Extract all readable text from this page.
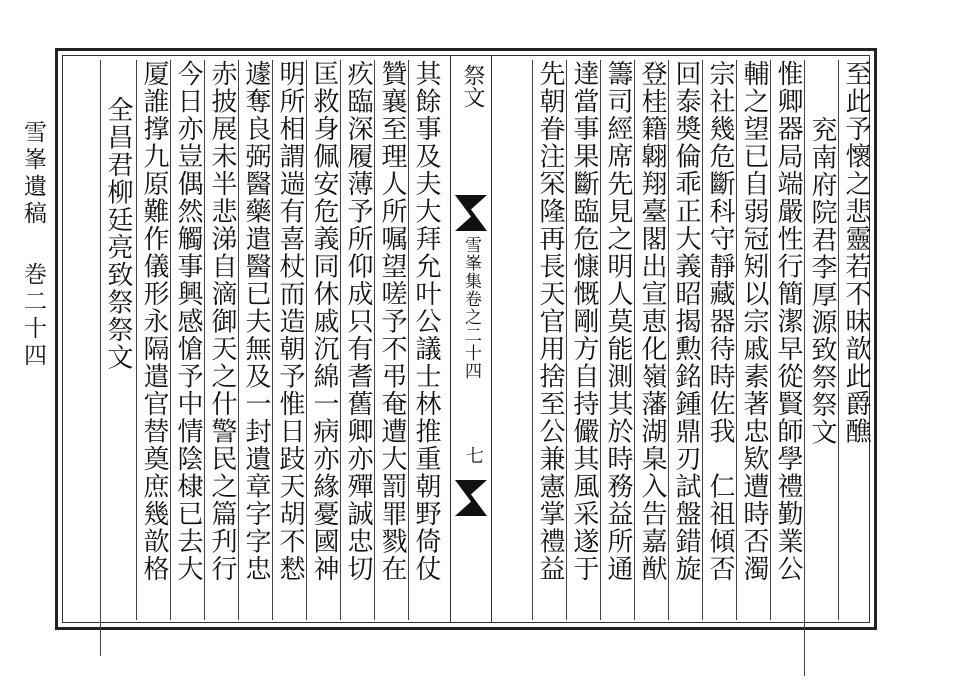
雪峯遺稿
巻二十四
祭文
雪峯集卷之二十四
七
至此予懷之悲靈若不昧歆此爵醮
兖南府院君李厚源致祭祭文
惟卿器局端嚴性行簡潔早從賢師學禮勤業公
輔之望已自弱冠矧以宗戚素著忠欵遭時否濁
宗社幾危斷科守靜藏器待時佐我　仁祖傾否
回泰奬倫乖正大義昭揭勲銘鍾鼎刃試盤錯旋
登桂籍翺翔臺閣出宣恵化嶺藩湖臬入告嘉猷
籌司經席先見之明人莫能測其於時務益所通
達當事果斷臨危慷慨剛方自持儼其風采遂于
先朝眷注罙隆再長天官用捨至公兼憲掌禮益
其餘事及夫大拜允叶公議士林推重朝野倚仗
贊襄至理人所嘱望嗟予不弔奄遭大罰罪戮在
疚臨深履薄予所仰成只有耆舊卿亦殫誠忠切
匡救身佩安危義同休戚沉綿一病亦緣憂國神
明所相謂遄有喜杖而造朝予惟日跂天胡不慭
遽奪良弼醫藥遣醫已夫無及一封遺章字字忠
赤披展未半悲涕自滴御天之什警民之篇刋行
今日亦豈偶然觸事興感愴予中情陰棣已去大
厦誰撑九原難作儀形永隔遣官替奠庶幾歆格
全昌君柳廷亮致祭祭文
